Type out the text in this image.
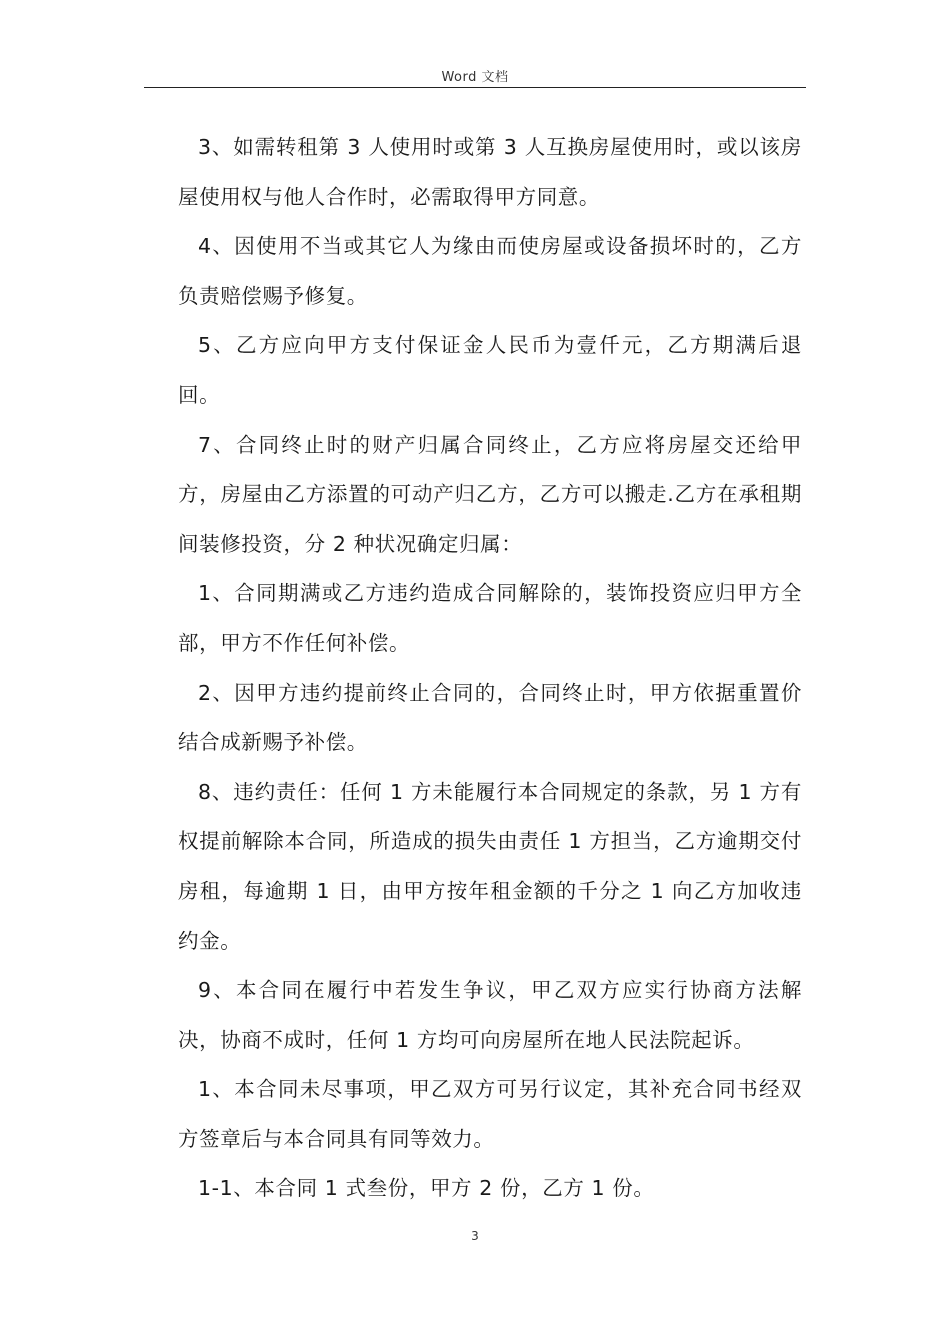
Word 文档

3、如需转租第 3 人使用时或第 3 人互换房屋使用时，或以该房屋使用权与他人合作时，必需取得甲方同意。

4、因使用不当或其它人为缘由而使房屋或设备损坏时的，乙方负责赔偿赐予修复。

5、乙方应向甲方支付保证金人民币为壹仟元，乙方期满后退回。

7、合同终止时的财产归属合同终止，乙方应将房屋交还给甲方，房屋由乙方添置的可动产归乙方，乙方可以搬走.乙方在承租期间装修投资，分 2 种状况确定归属：

1、合同期满或乙方违约造成合同解除的，装饰投资应归甲方全部，甲方不作任何补偿。

2、因甲方违约提前终止合同的，合同终止时，甲方依据重置价结合成新赐予补偿。

8、违约责任：任何 1 方未能履行本合同规定的条款，另 1 方有权提前解除本合同，所造成的损失由责任 1 方担当，乙方逾期交付房租，每逾期 1 日，由甲方按年租金额的千分之 1 向乙方加收违约金。

9、本合同在履行中若发生争议，甲乙双方应实行协商方法解决，协商不成时，任何 1 方均可向房屋所在地人民法院起诉。

1、本合同未尽事项，甲乙双方可另行议定，其补充合同书经双方签章后与本合同具有同等效力。

1-1、本合同 1 式叁份，甲方 2 份，乙方 1 份。

3
